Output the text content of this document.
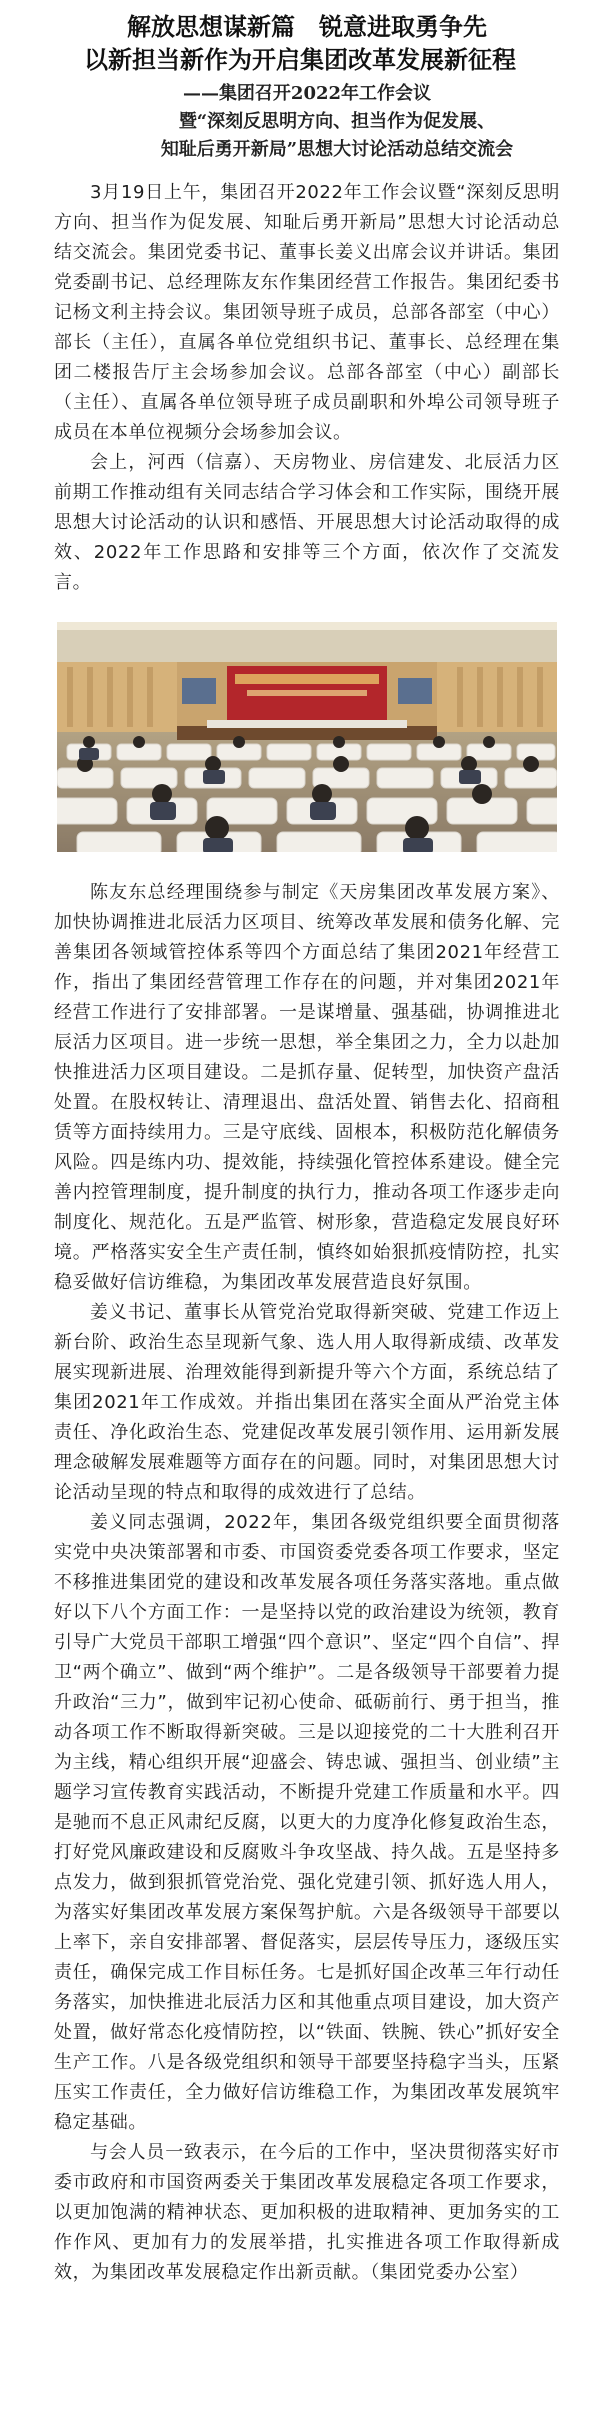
解放思想谋新篇　锐意进取勇争先
以新担当新作为开启集团改革发展新征程
——集团召开2022年工作会议
暨“深刻反思明方向、担当作为促发展、
知耻后勇开新局”思想大讨论活动总结交流会

3月19日上午，集团召开2022年工作会议暨“深刻反思明方向、担当作为促发展、知耻后勇开新局”思想大讨论活动总结交流会。集团党委书记、董事长姜义出席会议并讲话。集团党委副书记、总经理陈友东作集团经营工作报告。集团纪委书记杨文利主持会议。集团领导班子成员，总部各部室（中心）部长（主任），直属各单位党组织书记、董事长、总经理在集团二楼报告厅主会场参加会议。总部各部室（中心）副部长（主任）、直属各单位领导班子成员副职和外埠公司领导班子成员在本单位视频分会场参加会议。

会上，河西（信嘉）、天房物业、房信建发、北辰活力区前期工作推动组有关同志结合学习体会和工作实际，围绕开展思想大讨论活动的认识和感悟、开展思想大讨论活动取得的成效、2022年工作思路和安排等三个方面，依次作了交流发言。

陈友东总经理围绕参与制定《天房集团改革发展方案》、加快协调推进北辰活力区项目、统筹改革发展和债务化解、完善集团各领域管控体系等四个方面总结了集团2021年经营工作，指出了集团经营管理工作存在的问题，并对集团2021年经营工作进行了安排部署。一是谋增量、强基础，协调推进北辰活力区项目。进一步统一思想，举全集团之力，全力以赴加快推进活力区项目建设。二是抓存量、促转型，加快资产盘活处置。在股权转让、清理退出、盘活处置、销售去化、招商租赁等方面持续用力。三是守底线、固根本，积极防范化解债务风险。四是练内功、提效能，持续强化管控体系建设。健全完善内控管理制度，提升制度的执行力，推动各项工作逐步走向制度化、规范化。五是严监管、树形象，营造稳定发展良好环境。严格落实安全生产责任制，慎终如始狠抓疫情防控，扎实稳妥做好信访维稳，为集团改革发展营造良好氛围。

姜义书记、董事长从管党治党取得新突破、党建工作迈上新台阶、政治生态呈现新气象、选人用人取得新成绩、改革发展实现新进展、治理效能得到新提升等六个方面，系统总结了集团2021年工作成效。并指出集团在落实全面从严治党主体责任、净化政治生态、党建促改革发展引领作用、运用新发展理念破解发展难题等方面存在的问题。同时，对集团思想大讨论活动呈现的特点和取得的成效进行了总结。

姜义同志强调，2022年，集团各级党组织要全面贯彻落实党中央决策部署和市委、市国资委党委各项工作要求，坚定不移推进集团党的建设和改革发展各项任务落实落地。重点做好以下八个方面工作：一是坚持以党的政治建设为统领，教育引导广大党员干部职工增强“四个意识”、坚定“四个自信”、捍卫“两个确立”、做到“两个维护”。二是各级领导干部要着力提升政治“三力”，做到牢记初心使命、砥砺前行、勇于担当，推动各项工作不断取得新突破。三是以迎接党的二十大胜利召开为主线，精心组织开展“迎盛会、铸忠诚、强担当、创业绩”主题学习宣传教育实践活动，不断提升党建工作质量和水平。四是驰而不息正风肃纪反腐，以更大的力度净化修复政治生态，打好党风廉政建设和反腐败斗争攻坚战、持久战。五是坚持多点发力，做到狠抓管党治党、强化党建引领、抓好选人用人，为落实好集团改革发展方案保驾护航。六是各级领导干部要以上率下，亲自安排部署、督促落实，层层传导压力，逐级压实责任，确保完成工作目标任务。七是抓好国企改革三年行动任务落实，加快推进北辰活力区和其他重点项目建设，加大资产处置，做好常态化疫情防控，以“铁面、铁腕、铁心”抓好安全生产工作。八是各级党组织和领导干部要坚持稳字当头，压紧压实工作责任，全力做好信访维稳工作，为集团改革发展筑牢稳定基础。

与会人员一致表示，在今后的工作中，坚决贯彻落实好市委市政府和市国资两委关于集团改革发展稳定各项工作要求，以更加饱满的精神状态、更加积极的进取精神、更加务实的工作作风、更加有力的发展举措，扎实推进各项工作取得新成效，为集团改革发展稳定作出新贡献。（集团党委办公室）
